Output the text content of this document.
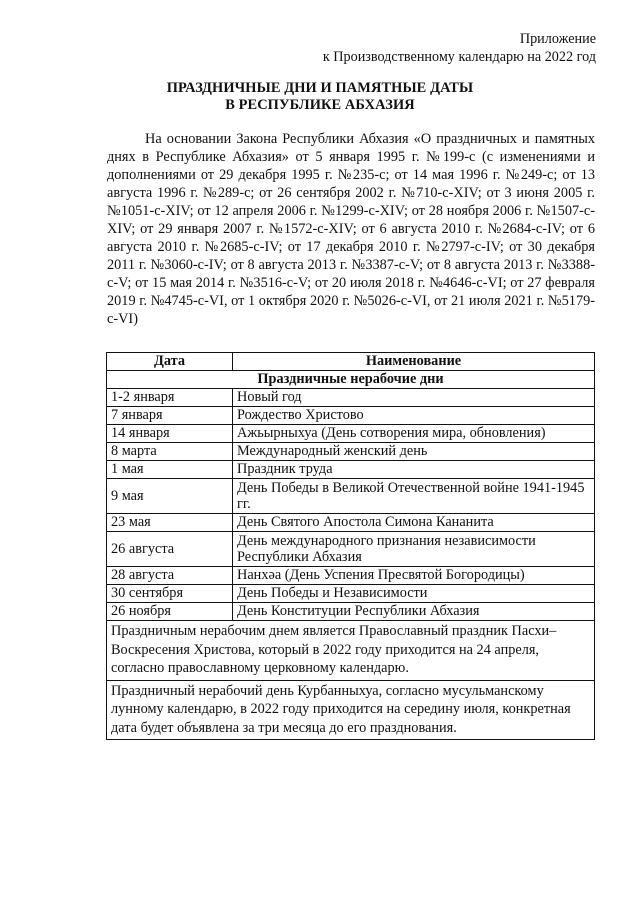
Приложение
к Производственному календарю на 2022 год
ПРАЗДНИЧНЫЕ ДНИ И ПАМЯТНЫЕ ДАТЫ
В РЕСПУБЛИКЕ АБХАЗИЯ
На основании Закона Республики Абхазия «О праздничных и памятных днях в Республике Абхазия» от 5 января 1995 г. №199-с (с изменениями и дополнениями от 29 декабря 1995 г. №235-с; от 14 мая 1996 г. №249-с; от 13 августа 1996 г. №289-с; от 26 сентября 2002 г. №710-с-XIV; от 3 июня 2005 г. №1051-с-XIV; от 12 апреля 2006 г. №1299-с-XIV; от 28 ноября 2006 г. №1507-с-XIV; от 29 января 2007 г. №1572-с-XIV; от 6 августа 2010 г. №2684-с-IV; от 6 августа 2010 г. №2685-с-IV; от 17 декабря 2010 г. №2797-с-IV; от 30 декабря 2011 г. №3060-с-IV; от 8 августа 2013 г. №3387-с-V; от 8 августа 2013 г. №3388-с-V; от 15 мая 2014 г. №3516-с-V; от 20 июля 2018 г. №4646-с-VI; от 27 февраля 2019 г. №4745-с-VI, от 1 октября 2020 г. №5026-с-VI, от 21 июля 2021 г. №5179-с-VI)
Дата	Наименование
Праздничные нерабочие дни	
1-2 января	Новый год
7 января	Рождество Христово
14 января	Ажьырныхуа (День сотворения мира, обновления)
8 марта	Международный женский день
1 мая	Праздник труда
9 мая	День Победы в Великой Отечественной войне 1941-1945 гг.
23 мая	День Святого Апостола Симона Кананита
26 августа	День международного признания независимости Республики Абхазия
28 августа	Нанхәа (День Успения Пресвятой Богородицы)
30 сентября	День Победы и Независимости
26 ноября	День Конституции Республики Абхазия
Праздничным нерабочим днем является Православный праздник Пасхи–Воскресения Христова, который в 2022 году приходится на 24 апреля, согласно православному церковному календарю.	
Праздничный нерабочий день Курбанныхуа, согласно мусульманскому лунному календарю, в 2022 году приходится на середину июля, конкретная дата будет объявлена за три месяца до его празднования.	
